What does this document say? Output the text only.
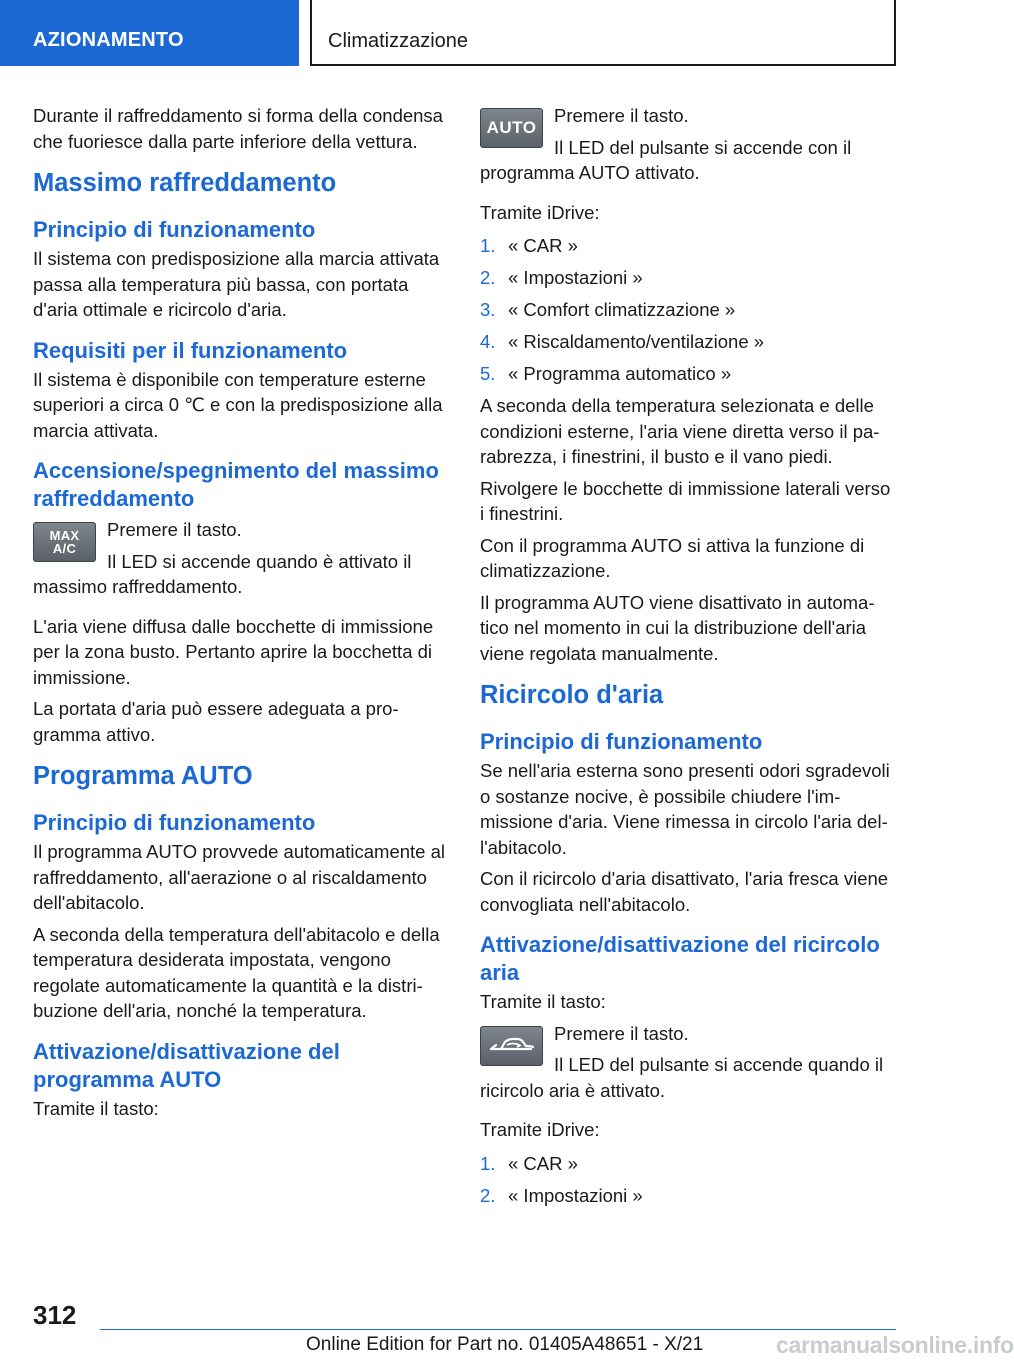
AZIONAMENTO	Climatizzazione

Durante il raffreddamento si forma della condensa che fuoriesce dalla parte inferiore della vettura.

Massimo raffreddamento
Principio di funzionamento

Il sistema con predisposizione alla marcia attivata passa alla temperatura più bassa, con portata d'aria ottimale e ricircolo d'aria.

Requisiti per il funzionamento

Il sistema è disponibile con temperature esterne superiori a circa 0 ℃ e con la predisposizione alla marcia attivata.

Accensione/spegnimento del massimo raffreddamento
MAX
A/C

Premere il tasto.

Il LED si accende quando è attivato il massimo raffreddamento.

L'aria viene diffusa dalle bocchette di immissione per la zona busto. Pertanto aprire la bocchetta di immissione.

La portata d'aria può essere adeguata a programma attivo.

Programma AUTO
Principio di funzionamento

Il programma AUTO provvede automaticamente al raffreddamento, all'aerazione o al riscaldamento dell'abitacolo.

A seconda della temperatura dell'abitacolo e della temperatura desiderata impostata, vengono regolate automaticamente la quantità e la distribuzione dell'aria, nonché la temperatura.

Attivazione/disattivazione del programma AUTO

Tramite il tasto:

AUTO

Premere il tasto.

Il LED del pulsante si accende con il programma AUTO attivato.

Tramite iDrive:

1. « CAR »
2. « Impostazioni »
3. « Comfort climatizzazione »
4. « Riscaldamento/ventilazione »
5. « Programma automatico »

A seconda della temperatura selezionata e delle condizioni esterne, l'aria viene diretta verso il parabrezza, i finestrini, il busto e il vano piedi.

Rivolgere le bocchette di immissione laterali verso i finestrini.

Con il programma AUTO si attiva la funzione di climatizzazione.

Il programma AUTO viene disattivato in automatico nel momento in cui la distribuzione dell'aria viene regolata manualmente.

Ricircolo d'aria
Principio di funzionamento

Se nell'aria esterna sono presenti odori sgradevoli o sostanze nocive, è possibile chiudere l'immissione d'aria. Viene rimessa in circolo l'aria dell'abitacolo.

Con il ricircolo d'aria disattivato, l'aria fresca viene convogliata nell'abitacolo.

Attivazione/disattivazione del ricircolo aria

Tramite il tasto:

Premere il tasto.

Il LED del pulsante si accende quando il ricircolo aria è attivato.

Tramite iDrive:

1. « CAR »
2. « Impostazioni »
312
Online Edition for Part no. 01405A48651 - X/21	carmanualsonline.info
